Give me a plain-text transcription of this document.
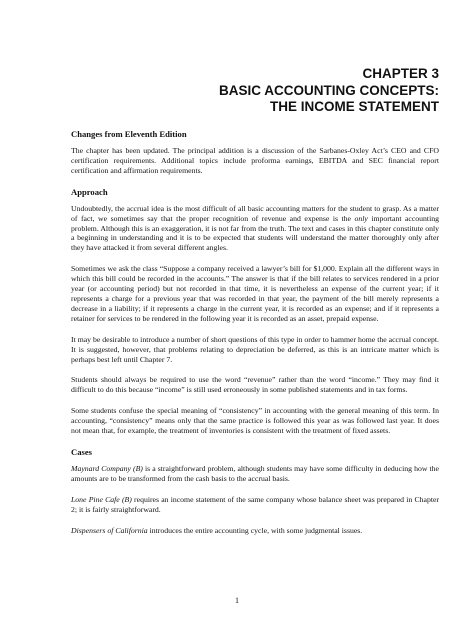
CHAPTER 3
BASIC ACCOUNTING CONCEPTS:
THE INCOME STATEMENT
Changes from Eleventh Edition

The chapter has been updated. The principal addition is a discussion of the Sarbanes-Oxley Act’s CEO and CFO certification requirements. Additional topics include proforma earnings, EBITDA and SEC financial report certification and affirmation requirements.

Approach

Undoubtedly, the accrual idea is the most difficult of all basic accounting matters for the student to grasp. As a matter of fact, we sometimes say that the proper recognition of revenue and expense is the only important accounting problem. Although this is an exaggeration, it is not far from the truth. The text and cases in this chapter constitute only a beginning in understanding and it is to be expected that students will understand the matter thoroughly only after they have attacked it from several different angles.

Sometimes we ask the class “Suppose a company received a lawyer’s bill for $1,000. Explain all the different ways in which this bill could be recorded in the accounts.” The answer is that if the bill relates to services rendered in a prior year (or accounting period) but not recorded in that time, it is nevertheless an expense of the current year; if it represents a charge for a previous year that was recorded in that year, the payment of the bill merely represents a decrease in a liability; if it represents a charge in the current year, it is recorded as an expense; and if it represents a retainer for services to be rendered in the following year it is recorded as an asset, prepaid expense.

It may be desirable to introduce a number of short questions of this type in order to hammer home the accrual concept. It is suggested, however, that problems relating to depreciation be deferred, as this is an intricate matter which is perhaps best left until Chapter 7.

Students should always be required to use the word “revenue” rather than the word “income.” They may find it difficult to do this because “income” is still used erroneously in some published statements and in tax forms.

Some students confuse the special meaning of “consistency” in accounting with the general meaning of this term. In accounting, “consistency” means only that the same practice is followed this year as was followed last year. It does not mean that, for example, the treatment of inventories is consistent with the treatment of fixed assets.

Cases

Maynard Company (B) is a straightforward problem, although students may have some difficulty in deducing how the amounts are to be transformed from the cash basis to the accrual basis.

Lone Pine Cafe (B) requires an income statement of the same company whose balance sheet was prepared in Chapter 2; it is fairly straightforward.

Dispensers of California introduces the entire accounting cycle, with some judgmental issues.

1
